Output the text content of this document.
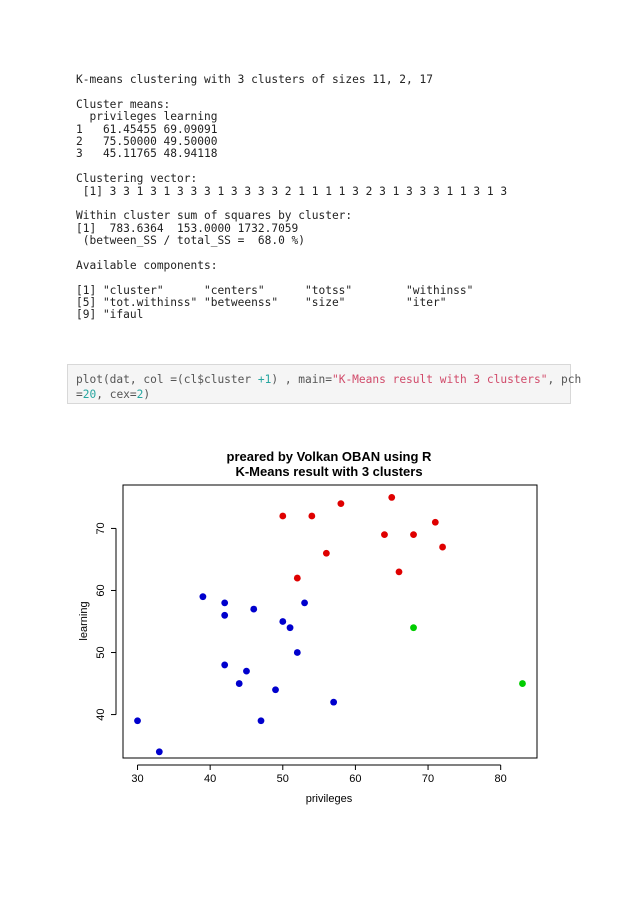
K-means clustering with 3 clusters of sizes 11, 2, 17
Cluster means:
privileges learning
1   61.45455 69.09091
2   75.50000 49.50000
3   45.11765 48.94118
Clustering vector:
[1] 3 3 1 3 1 3 3 3 1 3 3 3 3 2 1 1 1 1 3 2 3 1 3 3 3 1 1 3 1 3
Within cluster sum of squares by cluster:
[1]  783.6364  153.0000 1732.7059
(between_SS / total_SS =  68.0 %)
Available components:
[1] "cluster"      "centers"      "totss"        "withinss"
[5] "tot.withinss" "betweenss"    "size"         "iter"
[9] "ifaul
plot(dat, col =(cl$cluster +1) , main="K-Means result with 3 clusters", pch
=20, cex=2)
preared by Volkan OBAN using R
K-Means result with 3 clusters
30	40	50	60	70	80
40
50
60
70
privileges
learning
